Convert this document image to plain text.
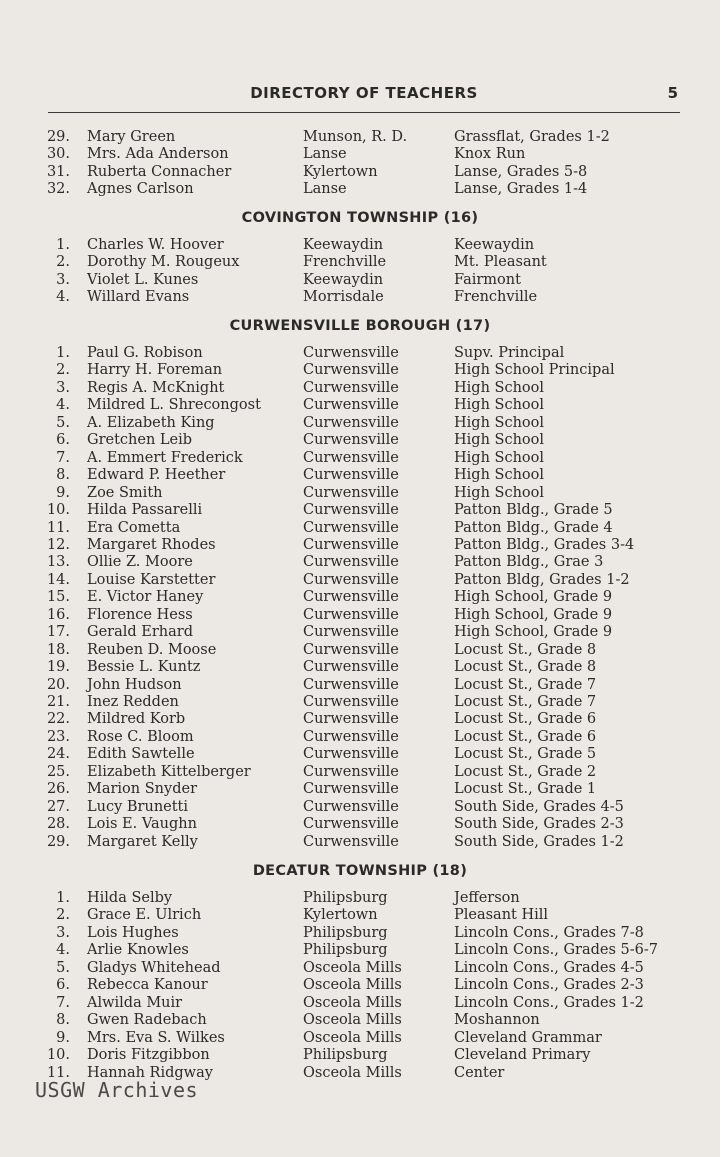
DIRECTORY OF TEACHERS	5
29. Mary Green	Munson, R. D.	Grassflat, Grades 1-2
30. Mrs. Ada Anderson	Lanse	Knox Run
31. Ruberta Connacher	Kylertown	Lanse, Grades 5-8
32. Agnes Carlson	Lanse	Lanse, Grades 1-4
COVINGTON TOWNSHIP (16)
1. Charles W. Hoover	Keewaydin	Keewaydin
2. Dorothy M. Rougeux	Frenchville	Mt. Pleasant
3. Violet L. Kunes	Keewaydin	Fairmont
4. Willard Evans	Morrisdale	Frenchville
CURWENSVILLE BOROUGH (17)
1. Paul G. Robison	Curwensville	Supv. Principal
2. Harry H. Foreman	Curwensville	High School Principal
3. Regis A. McKnight	Curwensville	High School
4. Mildred L. Shrecongost	Curwensville	High School
5. A. Elizabeth King	Curwensville	High School
6. Gretchen Leib	Curwensville	High School
7. A. Emmert Frederick	Curwensville	High School
8. Edward P. Heether	Curwensville	High School
9. Zoe Smith	Curwensville	High School
10. Hilda Passarelli	Curwensville	Patton Bldg., Grade 5
11. Era Cometta	Curwensville	Patton Bldg., Grade 4
12. Margaret Rhodes	Curwensville	Patton Bldg., Grades 3-4
13. Ollie Z. Moore	Curwensville	Patton Bldg., Grae 3
14. Louise Karstetter	Curwensville	Patton Bldg, Grades 1-2
15. E. Victor Haney	Curwensville	High School, Grade 9
16. Florence Hess	Curwensville	High School, Grade 9
17. Gerald Erhard	Curwensville	High School, Grade 9
18. Reuben D. Moose	Curwensville	Locust St., Grade 8
19. Bessie L. Kuntz	Curwensville	Locust St., Grade 8
20. John Hudson	Curwensville	Locust St., Grade 7
21. Inez Redden	Curwensville	Locust St., Grade 7
22. Mildred Korb	Curwensville	Locust St., Grade 6
23. Rose C. Bloom	Curwensville	Locust St., Grade 6
24. Edith Sawtelle	Curwensville	Locust St., Grade 5
25. Elizabeth Kittelberger	Curwensville	Locust St., Grade 2
26. Marion Snyder	Curwensville	Locust St., Grade 1
27. Lucy Brunetti	Curwensville	South Side, Grades 4-5
28. Lois E. Vaughn	Curwensville	South Side, Grades 2-3
29. Margaret Kelly	Curwensville	South Side, Grades 1-2
DECATUR TOWNSHIP (18)
1. Hilda Selby	Philipsburg	Jefferson
2. Grace E. Ulrich	Kylertown	Pleasant Hill
3. Lois Hughes	Philipsburg	Lincoln Cons., Grades 7-8
4. Arlie Knowles	Philipsburg	Lincoln Cons., Grades 5-6-7
5. Gladys Whitehead	Osceola Mills	Lincoln Cons., Grades 4-5
6. Rebecca Kanour	Osceola Mills	Lincoln Cons., Grades 2-3
7. Alwilda Muir	Osceola Mills	Lincoln Cons., Grades 1-2
8. Gwen Radebach	Osceola Mills	Moshannon
9. Mrs. Eva S. Wilkes	Osceola Mills	Cleveland Grammar
10. Doris Fitzgibbon	Philipsburg	Cleveland Primary
11. Hannah Ridgway	Osceola Mills	Center
USGW Archives
